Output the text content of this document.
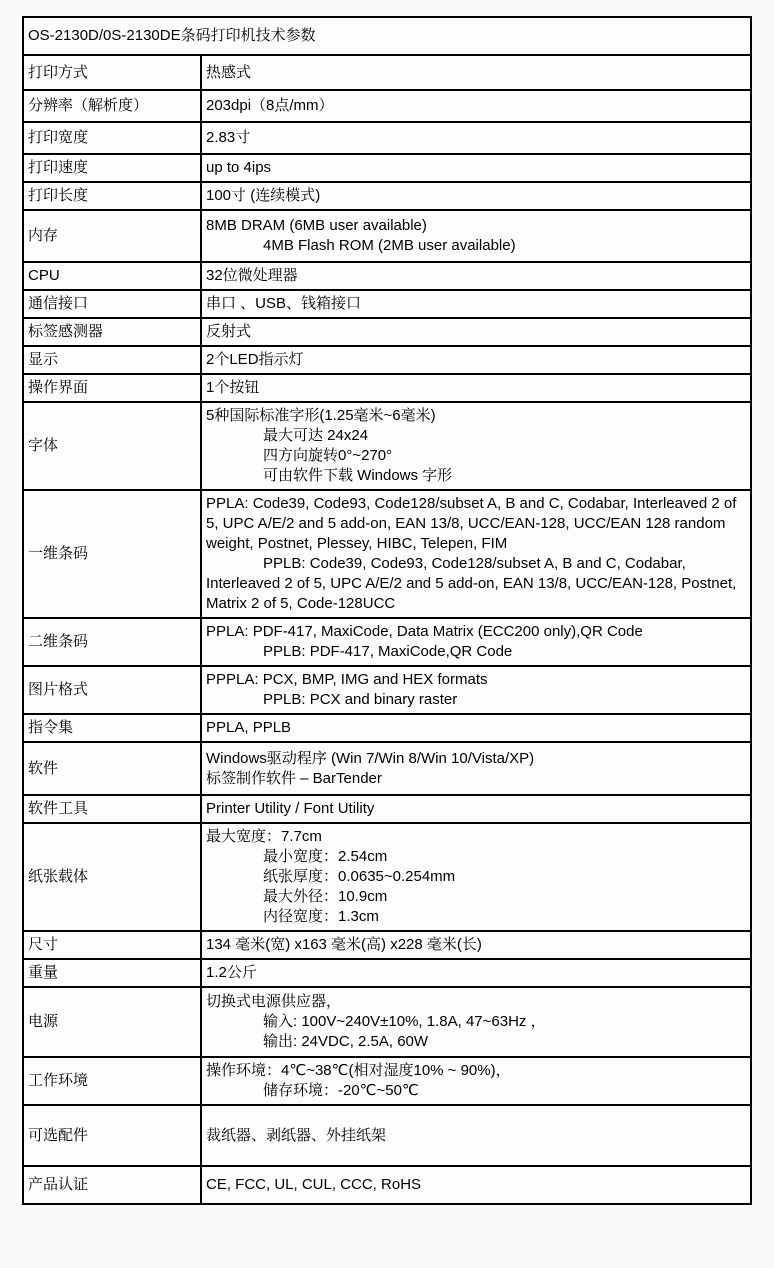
OS-2130D/0S-2130DE条码打印机技术参数	
打印方式	热感式

分辨率（解析度）	203dpi（8点/mm）

打印宽度	2.83寸

打印速度	up to 4ips

打印长度	100寸 (连续模式)

内存	8MB DRAM (6MB user available)
4MB Flash ROM (2MB user available)

CPU	32位微处理器

通信接口	串口 、USB、钱箱接口

标签感测器	反射式

显示	2个LED指示灯

操作界面	1个按钮

字体	5种国际标准字形(1.25毫米~6毫米)
最大可达 24x24
四方向旋转0°~270°
可由软件下载 Windows 字形

一维条码	PPLA: Code39, Code93, Code128/subset A, B and C, Codabar, Interleaved 2 of 5, UPC A/E/2 and 5 add-on, EAN 13/8, UCC/EAN-128, UCC/EAN 128 random weight, Postnet, Plessey, HIBC, Telepen, FIM
PPLB: Code39, Code93, Code128/subset A, B and C, Codabar, Interleaved 2 of 5, UPC A/E/2 and 5 add-on, EAN 13/8, UCC/EAN-128, Postnet, Matrix 2 of 5, Code-128UCC

二维条码	PPLA: PDF-417, MaxiCode, Data Matrix (ECC200 only),QR Code
PPLB: PDF-417, MaxiCode,QR Code

图片格式	PPPLA: PCX, BMP, IMG and HEX formats
PPLB: PCX and binary raster

指令集	PPLA, PPLB

软件	Windows驱动程序 (Win 7/Win 8/Win 10/Vista/XP)
标签制作软件 – BarTender

软件工具	Printer Utility / Font Utility

纸张载体	最大宽度：7.7cm
最小宽度：2.54cm
纸张厚度：0.0635~0.254mm
最大外径：10.9cm
内径宽度：1.3cm

尺寸	134 毫米(宽) x163 毫米(高) x228 毫米(长)

重量	1.2公斤

电源	切换式电源供应器，
输入: 100V~240V±10%, 1.8A, 47~63Hz ，
输出: 24VDC, 2.5A, 60W

工作环境	操作环境：4℃~38℃(相对湿度10% ~ 90%)，
储存环境：-20℃~50℃

可选配件	裁纸器、剥纸器、外挂纸架

产品认证	CE, FCC, UL, CUL, CCC, RoHS
